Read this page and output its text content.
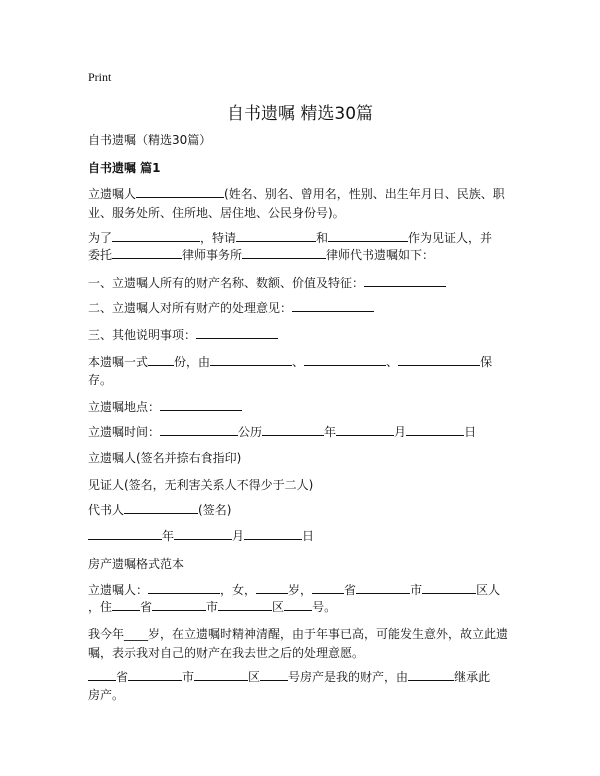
Print
自书遗嘱 精选30篇
自书遗嘱（精选30篇）
自书遗嘱 篇1
立遗嘱人	(姓名、别名、曾用名，性别、出生年月日、民族、职
业、服务处所、住所地、居住地、公民身份号)。
为了	，特请	和	作为见证人，并
委托	律师事务所	律师代书遗嘱如下：
一、立遗嘱人所有的财产名称、数额、价值及特征：
二、立遗嘱人对所有财产的处理意见：
三、其他说明事项：
本遗嘱一式 份，由	、	、	保
存。
立遗嘱地点：
立遗嘱时间：	公历	年	月	日
立遗嘱人(签名并捺右食指印)
见证人(签名，无利害关系人不得少于二人)
代书人	(签名)
年	月	日
房产遗嘱格式范本
立遗嘱人：	，女，	岁，	省	市	区人
，住 省	市	区 号。
我今年____岁，在立遗嘱时精神清醒，由于年事已高，可能发生意外，故立此遗嘱，表示我对自己的财产在我去世之后的处理意愿。
省	市	区 号房产是我的财产，由	继承此
房产。
